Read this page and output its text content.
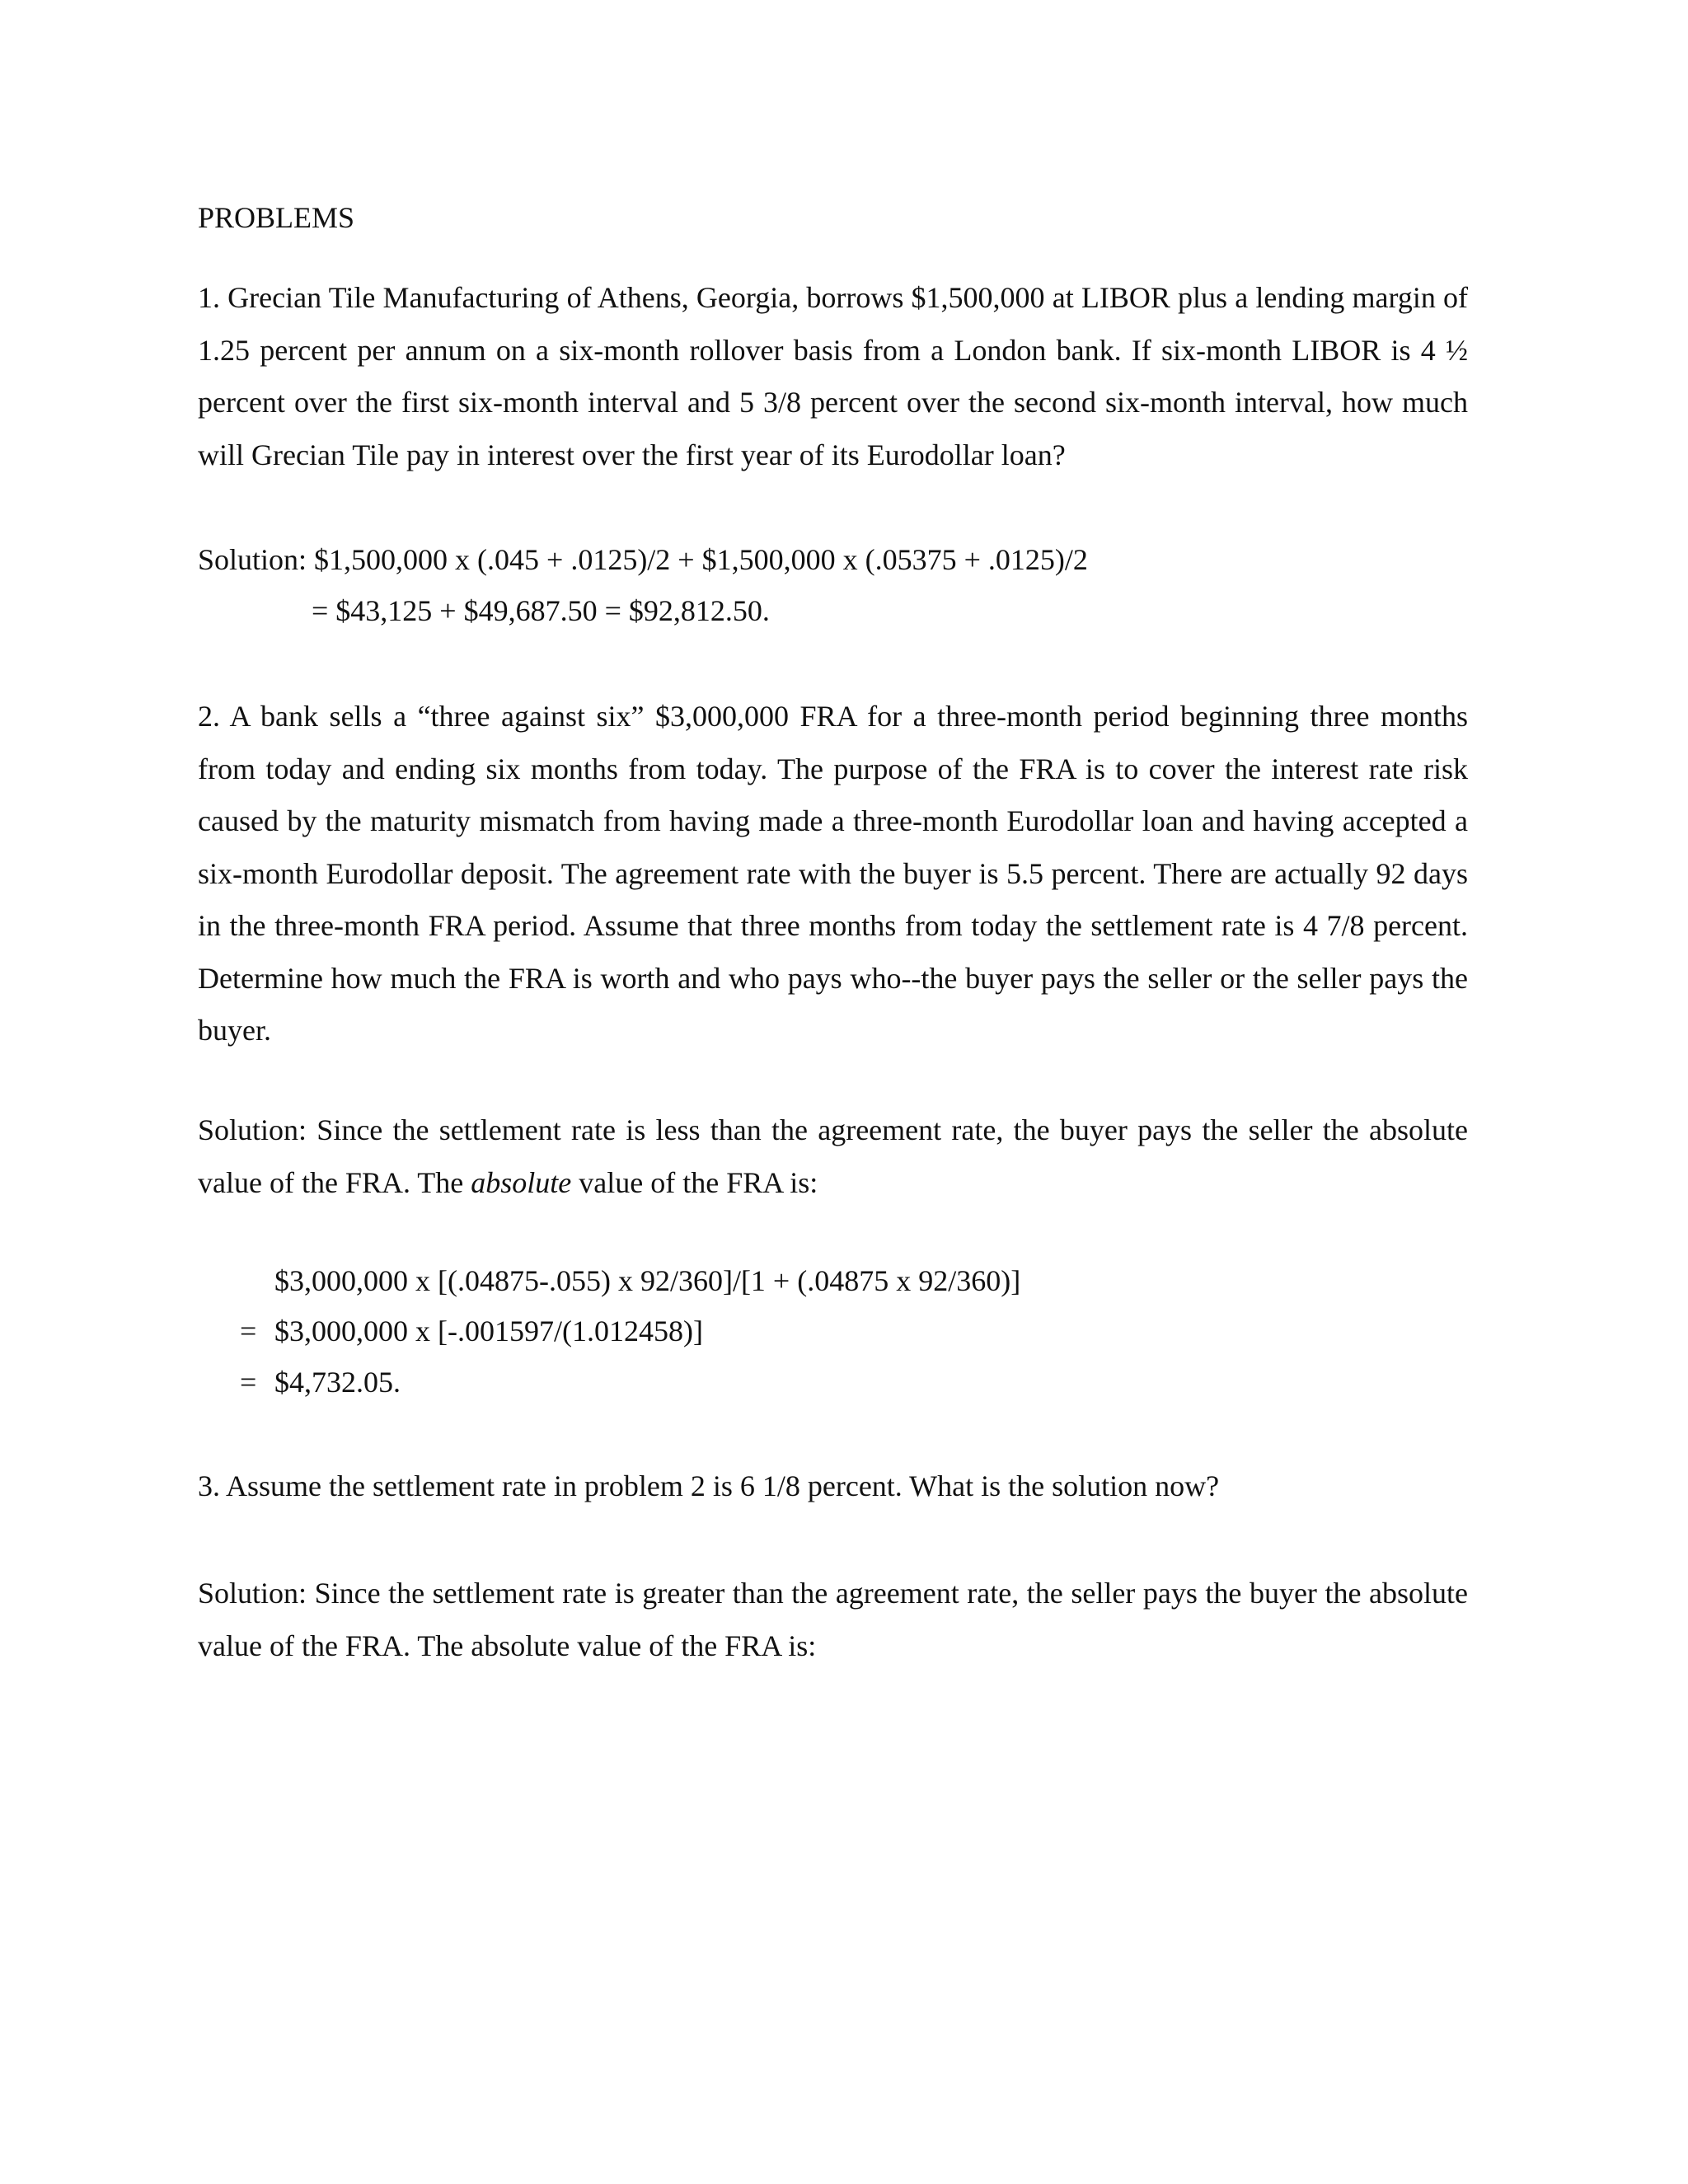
PROBLEMS
1. Grecian Tile Manufacturing of Athens, Georgia, borrows $1,500,000 at LIBOR plus a lending margin of 1.25 percent per annum on a six-month rollover basis from a London bank. If six-month LIBOR is 4 ½ percent over the first six-month interval and 5 3/8 percent over the second six-month interval, how much will Grecian Tile pay in interest over the first year of its Eurodollar loan?
Solution: $1,500,000 x (.045 + .0125)/2 + $1,500,000 x (.05375 + .0125)/2
= $43,125 + $49,687.50 = $92,812.50.
2. A bank sells a “three against six” $3,000,000 FRA for a three-month period beginning three months from today and ending six months from today. The purpose of the FRA is to cover the interest rate risk caused by the maturity mismatch from having made a three-month Eurodollar loan and having accepted a six-month Eurodollar deposit. The agreement rate with the buyer is 5.5 percent. There are actually 92 days in the three-month FRA period. Assume that three months from today the settlement rate is 4 7/8 percent. Determine how much the FRA is worth and who pays who--the buyer pays the seller or the seller pays the buyer.
Solution: Since the settlement rate is less than the agreement rate, the buyer pays the seller the absolute value of the FRA. The absolute value of the FRA is:
$3,000,000 x [(.04875-.055) x 92/360]/[1 + (.04875 x 92/360)]
= $3,000,000 x [-.001597/(1.012458)]
= $4,732.05.
3. Assume the settlement rate in problem 2 is 6 1/8 percent. What is the solution now?
Solution: Since the settlement rate is greater than the agreement rate, the seller pays the buyer the absolute value of the FRA. The absolute value of the FRA is:
